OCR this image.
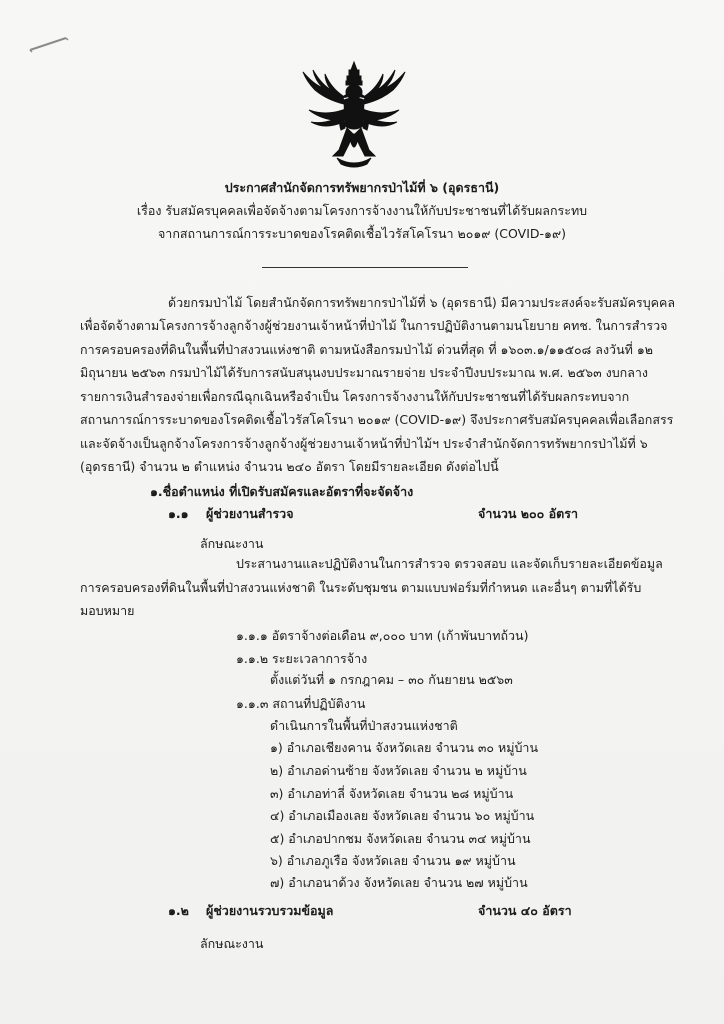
ประกาศสำนักจัดการทรัพยากรป่าไม้ที่ ๖ (อุดรธานี)
เรื่อง รับสมัครบุคคลเพื่อจัดจ้างตามโครงการจ้างงานให้กับประชาชนที่ได้รับผลกระทบ
จากสถานการณ์การระบาดของโรคติดเชื้อไวรัสโคโรนา ๒๐๑๙ (COVID-๑๙)
ด้วยกรมป่าไม้ โดยสำนักจัดการทรัพยากรป่าไม้ที่ ๖ (อุดรธานี) มีความประสงค์จะรับสมัครบุคคล
เพื่อจัดจ้างตามโครงการจ้างลูกจ้างผู้ช่วยงานเจ้าหน้าที่ป่าไม้ ในการปฏิบัติงานตามนโยบาย คทช. ในการสำรวจ
การครอบครองที่ดินในพื้นที่ป่าสงวนแห่งชาติ ตามหนังสือกรมป่าไม้ ด่วนที่สุด ที่ ๑๖๐๓.๑/๑๑๕๐๘ ลงวันที่ ๑๒
มิถุนายน ๒๕๖๓ กรมป่าไม้ได้รับการสนับสนุนงบประมาณรายจ่าย ประจำปีงบประมาณ พ.ศ. ๒๕๖๓ งบกลาง
รายการเงินสำรองจ่ายเพื่อกรณีฉุกเฉินหรือจำเป็น โครงการจ้างงานให้กับประชาชนที่ได้รับผลกระทบจาก
สถานการณ์การระบาดของโรคติดเชื้อไวรัสโคโรนา ๒๐๑๙ (COVID-๑๙) จึงประกาศรับสมัครบุคคลเพื่อเลือกสรร
และจัดจ้างเป็นลูกจ้างโครงการจ้างลูกจ้างผู้ช่วยงานเจ้าหน้าที่ป่าไม้ฯ ประจำสำนักจัดการทรัพยากรป่าไม้ที่ ๖
(อุดรธานี) จำนวน ๒ ตำแหน่ง จำนวน ๒๔๐ อัตรา โดยมีรายละเอียด ดังต่อไปนี้
๑.ชื่อตำแหน่ง ที่เปิดรับสมัครและอัตราที่จะจัดจ้าง
๑.๑ ผู้ช่วยงานสำรวจ	จำนวน ๒๐๐ อัตรา
ลักษณะงาน
ประสานงานและปฏิบัติงานในการสำรวจ ตรวจสอบ และจัดเก็บรายละเอียดข้อมูล
การครอบครองที่ดินในพื้นที่ป่าสงวนแห่งชาติ ในระดับชุมชน ตามแบบฟอร์มที่กำหนด และอื่นๆ ตามที่ได้รับ
มอบหมาย
๑.๑.๑ อัตราจ้างต่อเดือน ๙,๐๐๐ บาท (เก้าพันบาทถ้วน)
๑.๑.๒ ระยะเวลาการจ้าง
ตั้งแต่วันที่ ๑ กรกฎาคม – ๓๐ กันยายน ๒๕๖๓
๑.๑.๓ สถานที่ปฏิบัติงาน
ดำเนินการในพื้นที่ป่าสงวนแห่งชาติ
๑) อำเภอเชียงคาน จังหวัดเลย จำนวน ๓๐ หมู่บ้าน
๒) อำเภอด่านซ้าย จังหวัดเลย จำนวน ๒ หมู่บ้าน
๓) อำเภอท่าลี่ จังหวัดเลย จำนวน ๒๘ หมู่บ้าน
๔) อำเภอเมืองเลย จังหวัดเลย จำนวน ๖๐ หมู่บ้าน
๕) อำเภอปากชม จังหวัดเลย จำนวน ๓๔ หมู่บ้าน
๖) อำเภอภูเรือ จังหวัดเลย จำนวน ๑๙ หมู่บ้าน
๗) อำเภอนาด้วง จังหวัดเลย จำนวน ๒๗ หมู่บ้าน
๑.๒ ผู้ช่วยงานรวบรวมข้อมูล	จำนวน ๔๐ อัตรา
ลักษณะงาน
